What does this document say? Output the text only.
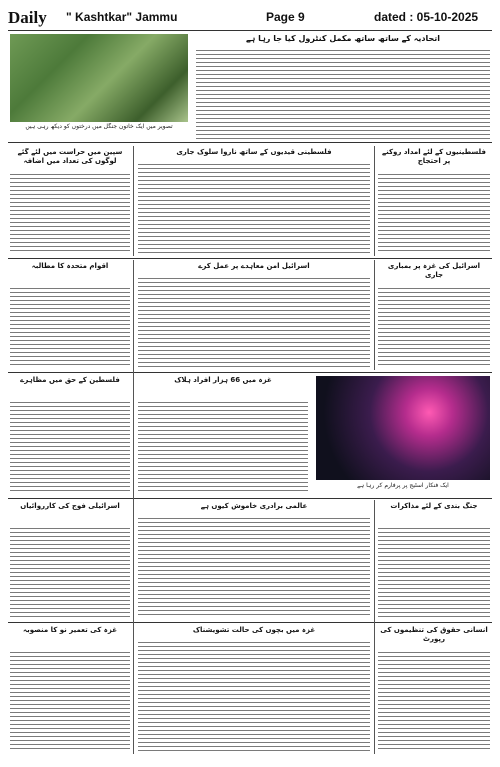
Daily " Kashtkar" Jammu	Page 9	dated : 05-10-2025
تصویر میں ایک خاتون جنگل میں درختوں کو دیکھ رہی ہیں
اتحادیہ کے ساتھ ساتھ مکمل کنٹرول کیا جا رہا ہے
سپین میں حراست میں لئے گئے لوگوں کی تعداد میں اضافہ
فلسطینی قیدیوں کے ساتھ ناروا سلوک جاری	فلسطینیوں کے لئے امداد روکنے پر احتجاج
اقوام متحدہ کا مطالبہ	اسرائیل امن معاہدے پر عمل کرے	اسرائیل کی غزہ پر بمباری جاری
فلسطین کے حق میں مظاہرے	غزہ میں 66 ہزار افراد ہلاک
ایک فنکار اسٹیج پر پرفارم کر رہا ہے
اسرائیلی فوج کی کارروائیاں	عالمی برادری خاموش کیوں ہے	جنگ بندی کے لئے مذاکرات
غزہ کی تعمیر نو کا منصوبہ	غزہ میں بچوں کی حالت تشویشناک	انسانی حقوق کی تنظیموں کی رپورٹ
